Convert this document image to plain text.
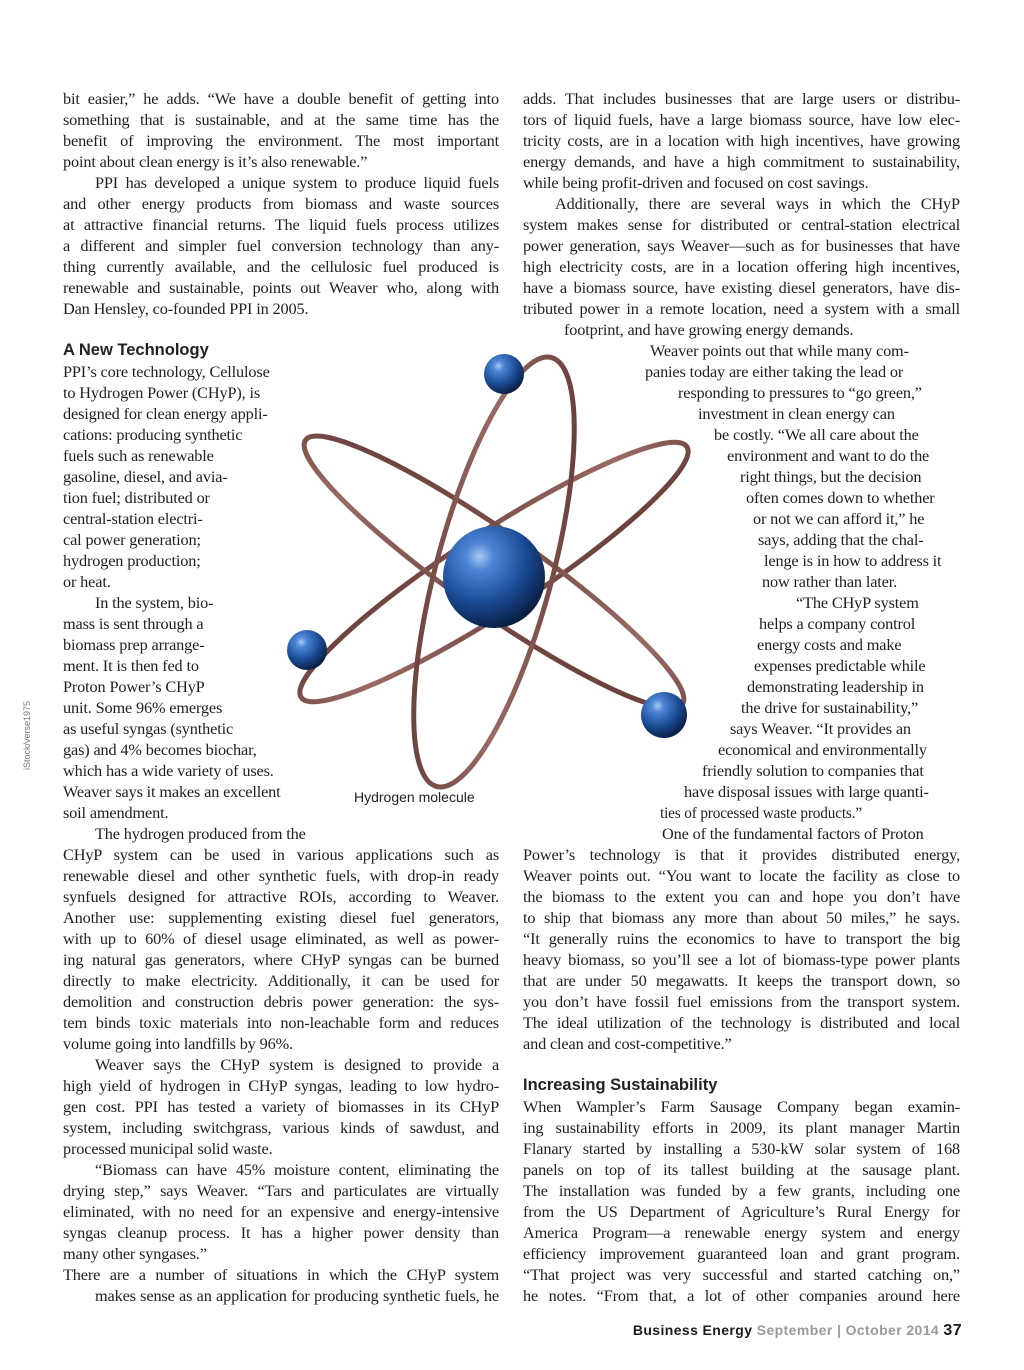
iStock/verse1975
Hydrogen molecule
A New Technology
Increasing Sustainability
bit easier,” he adds. “We have a double benefit of getting into
something that is sustainable, and at the same time has the
benefit of improving the environment. The most important
point about clean energy is it’s also renewable.”
PPI has developed a unique system to produce liquid fuels
and other energy products from biomass and waste sources
at attractive financial returns. The liquid fuels process utilizes
a different and simpler fuel conversion technology than any-
thing currently available, and the cellulosic fuel produced is
renewable and sustainable, points out Weaver who, along with
Dan Hensley, co-founded PPI in 2005.
PPI’s core technology, Cellulose
to Hydrogen Power (CHyP), is
designed for clean energy appli-
cations: producing synthetic
fuels such as renewable
gasoline, diesel, and avia-
tion fuel; distributed or
central-station electri-
cal power generation;
hydrogen production;
or heat.
In the system, bio-
mass is sent through a
biomass prep arrange-
ment. It is then fed to
Proton Power’s CHyP
unit. Some 96% emerges
as useful syngas (synthetic
gas) and 4% becomes biochar,
which has a wide variety of uses.
Weaver says it makes an excellent
soil amendment.
The hydrogen produced from the
CHyP system can be used in various applications such as
renewable diesel and other synthetic fuels, with drop-in ready
synfuels designed for attractive ROIs, according to Weaver.
Another use: supplementing existing diesel fuel generators,
with up to 60% of diesel usage eliminated, as well as power-
ing natural gas generators, where CHyP syngas can be burned
directly to make electricity. Additionally, it can be used for
demolition and construction debris power generation: the sys-
tem binds toxic materials into non-leachable form and reduces
volume going into landfills by 96%.
Weaver says the CHyP system is designed to provide a
high yield of hydrogen in CHyP syngas, leading to low hydro-
gen cost. PPI has tested a variety of biomasses in its CHyP
system, including switchgrass, various kinds of sawdust, and
processed municipal solid waste.
“Biomass can have 45% moisture content, eliminating the
drying step,” says Weaver. “Tars and particulates are virtually
eliminated, with no need for an expensive and energy-intensive
syngas cleanup process. It has a higher power density than
many other syngases.”
There are a number of situations in which the CHyP system
makes sense as an application for producing synthetic fuels, he
adds. That includes businesses that are large users or distribu-
tors of liquid fuels, have a large biomass source, have low elec-
tricity costs, are in a location with high incentives, have growing
energy demands, and have a high commitment to sustainability,
while being profit-driven and focused on cost savings.
Additionally, there are several ways in which the CHyP
system makes sense for distributed or central-station electrical
power generation, says Weaver—such as for businesses that have
high electricity costs, are in a location offering high incentives,
have a biomass source, have existing diesel generators, have dis-
tributed power in a remote location, need a system with a small
footprint, and have growing energy demands.
Weaver points out that while many com-
panies today are either taking the lead or
responding to pressures to “go green,”
investment in clean energy can
be costly. “We all care about the
environment and want to do the
right things, but the decision
often comes down to whether
or not we can afford it,” he
says, adding that the chal-
lenge is in how to address it
now rather than later.
“The CHyP system
helps a company control
energy costs and make
expenses predictable while
demonstrating leadership in
the drive for sustainability,”
says Weaver. “It provides an
economical and environmentally
friendly solution to companies that
have disposal issues with large quanti-
ties of processed waste products.”
One of the fundamental factors of Proton
Power’s technology is that it provides distributed energy,
Weaver points out. “You want to locate the facility as close to
the biomass to the extent you can and hope you don’t have
to ship that biomass any more than about 50 miles,” he says.
“It generally ruins the economics to have to transport the big
heavy biomass, so you’ll see a lot of biomass-type power plants
that are under 50 megawatts. It keeps the transport down, so
you don’t have fossil fuel emissions from the transport system.
The ideal utilization of the technology is distributed and local
and clean and cost-competitive.”
When Wampler’s Farm Sausage Company began examin-
ing sustainability efforts in 2009, its plant manager Martin
Flanary started by installing a 530-kW solar system of 168
panels on top of its tallest building at the sausage plant.
The installation was funded by a few grants, including one
from the US Department of Agriculture’s Rural Energy for
America Program—a renewable energy system and energy
efficiency improvement guaranteed loan and grant program.
“That project was very successful and started catching on,”
he notes. “From that, a lot of other companies around here
Business Energy September | October 2014 37
